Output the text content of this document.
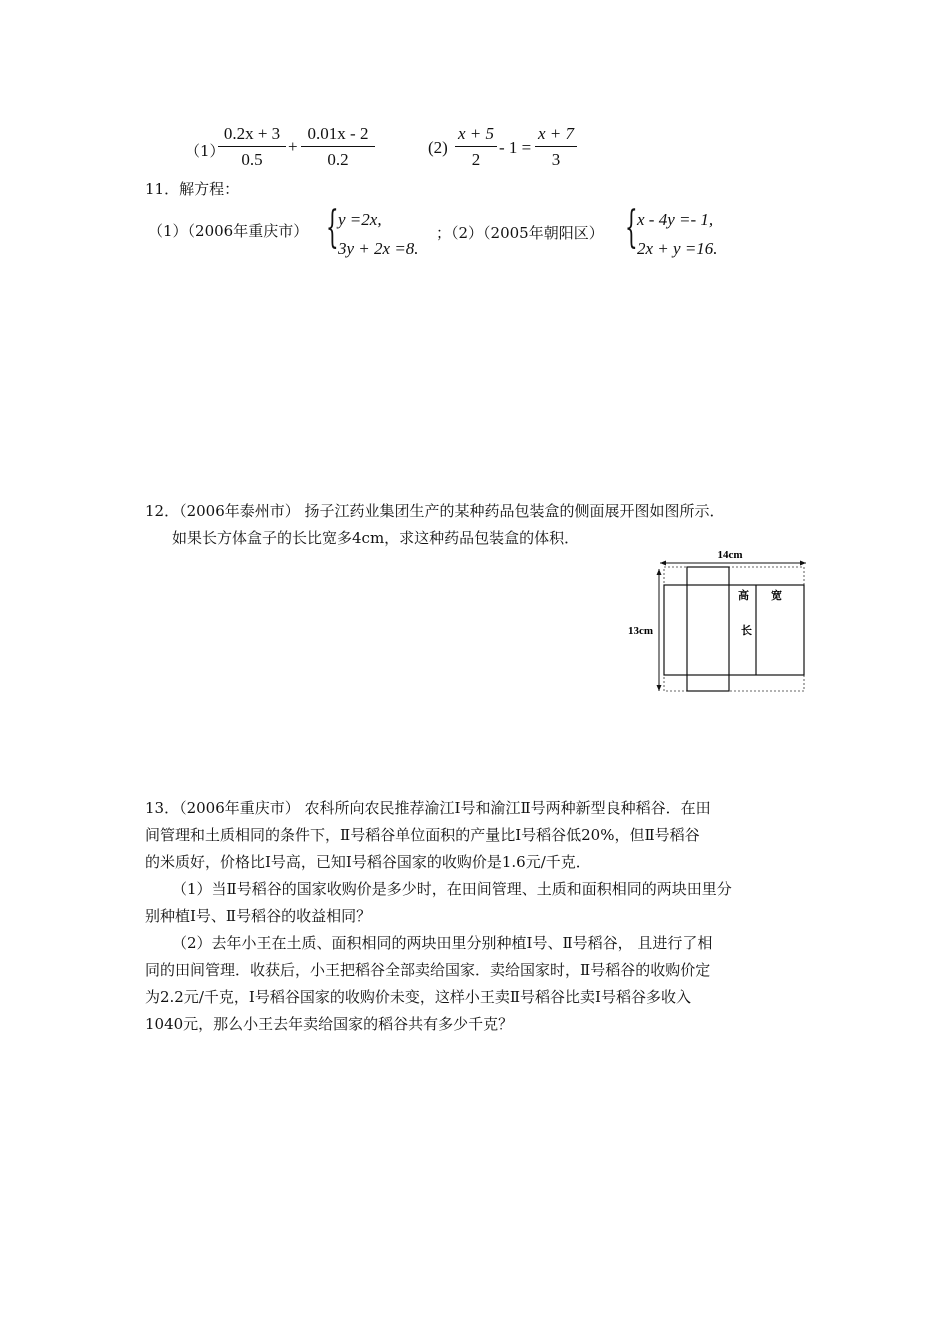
（1）
0.2x + 3
0.5
+
0.01x - 2
0.2
(2)
x + 5
2
- 1 =
x + 7
3
11．解方程：
（1）（2006年重庆市） { y =2x,
3y + 2x =8.
；（2）（2005年朝阳区） { x - 4y =- 1,
2x + y =16.
12．（2006年泰州市） 扬子江药业集团生产的某种药品包装盒的侧面展开图如图所示．
如果长方体盒子的长比宽多4cm，求这种药品包装盒的体积．
14cm
13cm
高 宽
长
13．（2006年重庆市） 农科所向农民推荐渝江Ⅰ号和渝江Ⅱ号两种新型良种稻谷．在田
间管理和土质相同的条件下，Ⅱ号稻谷单位面积的产量比Ⅰ号稻谷低20%，但Ⅱ号稻谷
的米质好，价格比Ⅰ号高，已知Ⅰ号稻谷国家的收购价是1.6元/千克．
（1）当Ⅱ号稻谷的国家收购价是多少时，在田间管理、土质和面积相同的两块田里分
别种植Ⅰ号、Ⅱ号稻谷的收益相同？
（2）去年小王在土质、面积相同的两块田里分别种植Ⅰ号、Ⅱ号稻谷， 且进行了相
同的田间管理．收获后，小王把稻谷全部卖给国家．卖给国家时，Ⅱ号稻谷的收购价定
为2.2元/千克，Ⅰ号稻谷国家的收购价未变，这样小王卖Ⅱ号稻谷比卖Ⅰ号稻谷多收入
1040元，那么小王去年卖给国家的稻谷共有多少千克？
